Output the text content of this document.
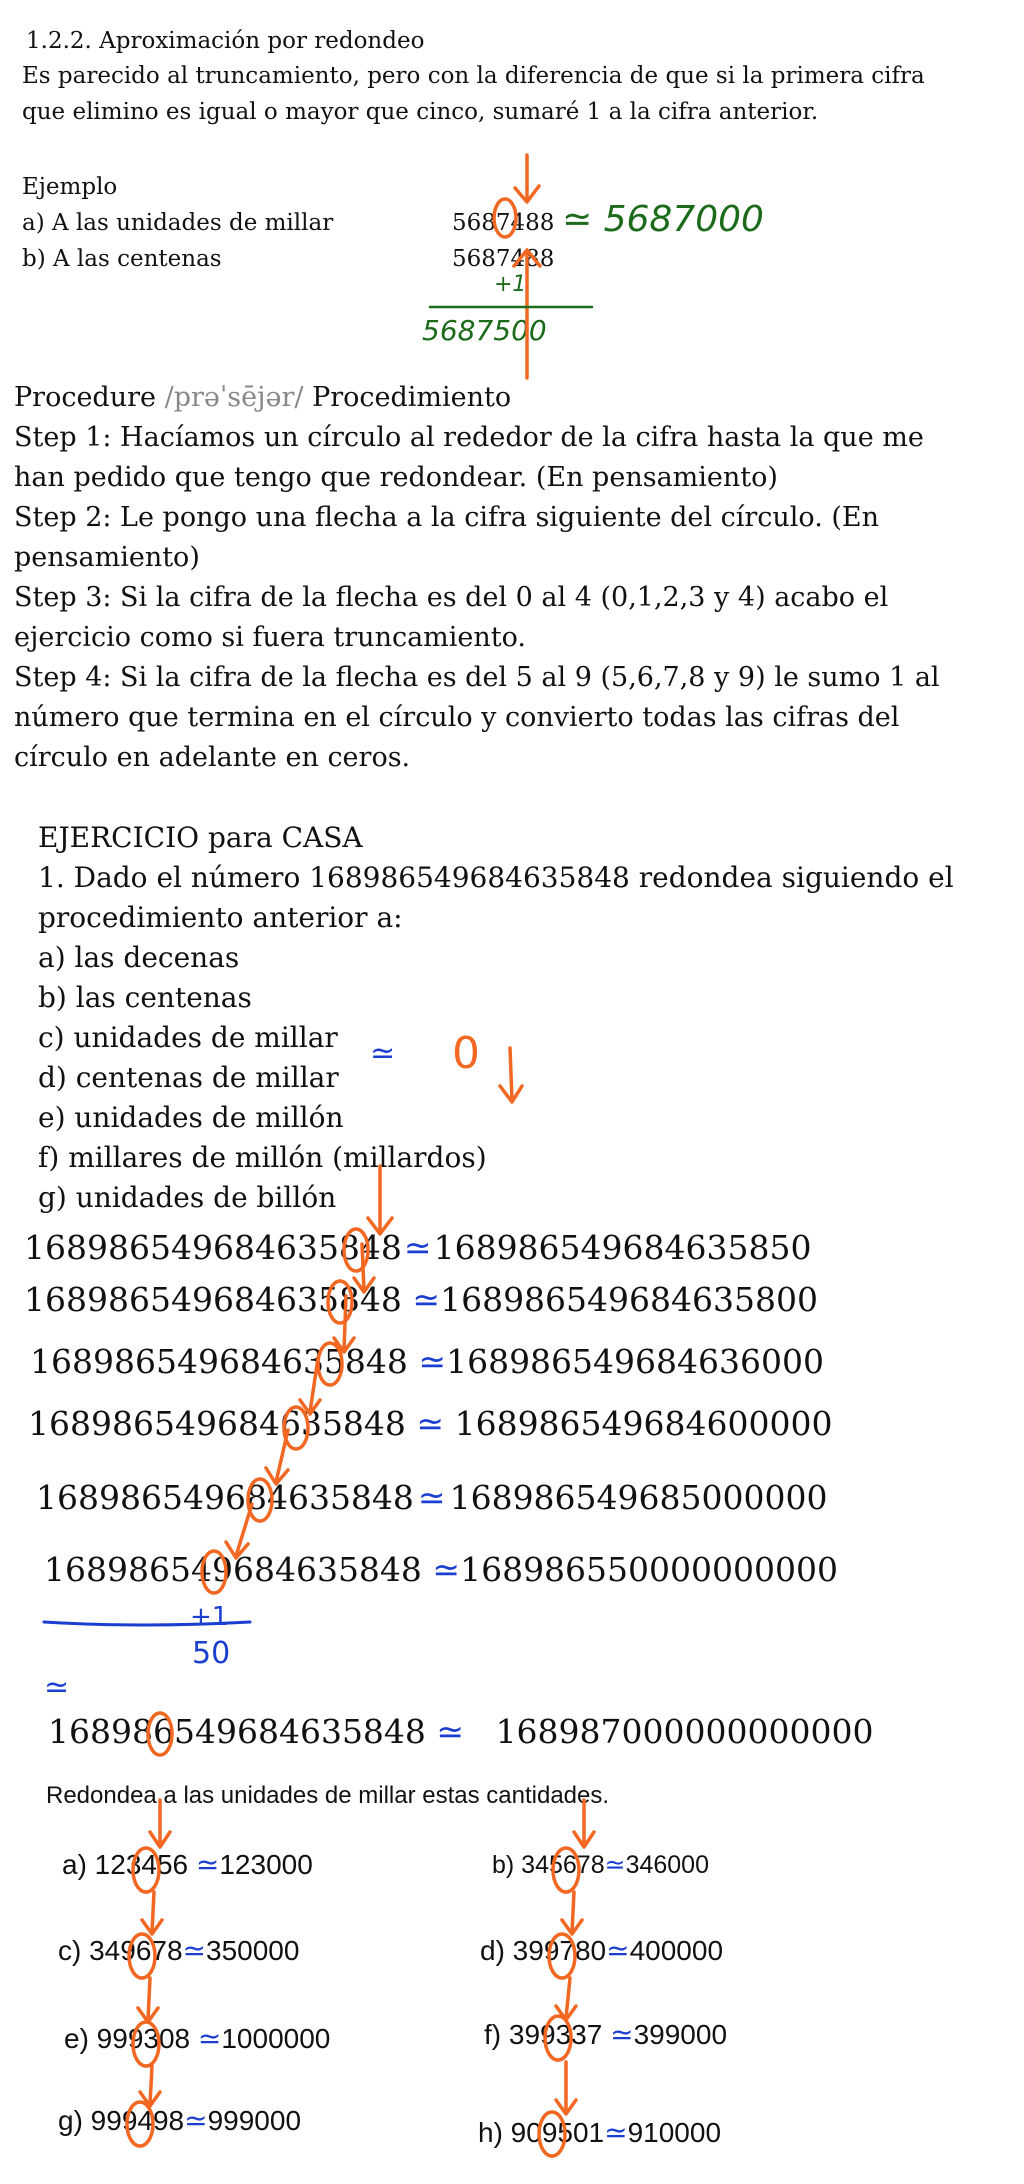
1.2.2. Aproximación por redondeo
Es parecido al truncamiento, pero con la diferencia de que si la primera cifra
que elimino es igual o mayor que cinco, sumaré 1 a la cifra anterior.
Ejemplo
a) A las unidades de millar	5687488 ≃ 5687000
b) A las centenas	5687488
+1
5687500
Procedure /prəˈsējər/ Procedimiento
Step 1: Hacíamos un círculo al rededor de la cifra hasta la que me
han pedido que tengo que redondear. (En pensamiento)
Step 2: Le pongo una flecha a la cifra siguiente del círculo. (En
pensamiento)
Step 3: Si la cifra de la flecha es del 0 al 4 (0,1,2,3 y 4) acabo el
ejercicio como si fuera truncamiento.
Step 4: Si la cifra de la flecha es del 5 al 9 (5,6,7,8 y 9) le sumo 1 al
número que termina en el círculo y convierto todas las cifras del
círculo en adelante en ceros.
EJERCICIO para CASA
1. Dado el número 168986549684635848 redondea siguiendo el
procedimiento anterior a:
a) las decenas
b) las centenas
c) unidades de millar
d) centenas de millar
e) unidades de millón
f) millares de millón (millardos)
g) unidades de billón
≃ 0
168986549684635848≃168986549684635850
168986549684635848 ≃168986549684635800
168986549684635848 ≃168986549684636000
168986549684635848 ≃ 168986549684600000
168986549684635848 ≃ 168986549685000000
168986549684635848 ≃168986550000000000
+1
50
≃
168986549684635848 ≃ 168987000000000000
Redondea a las unidades de millar estas cantidades.
a) 123456 ≃123000	b) 345678≃346000
c) 349678≃350000	d) 399780≃400000
e) 999308 ≃1000000	f) 399337 ≃399000
g) 999498≃999000	h) 909501≃910000
